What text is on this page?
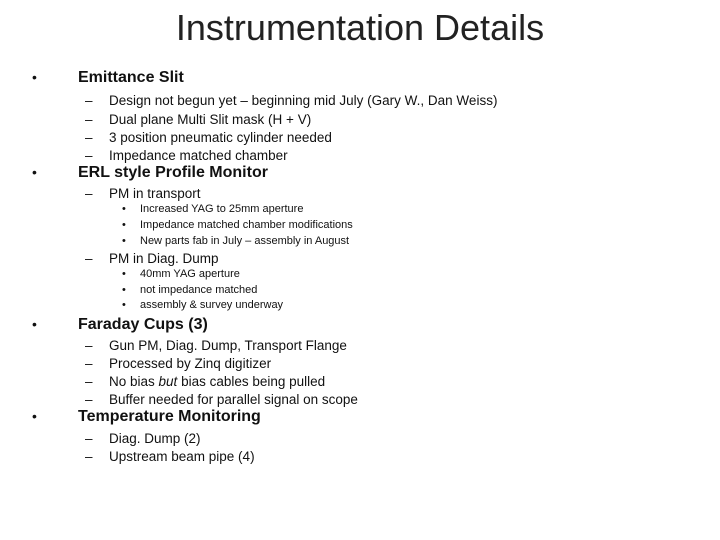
Instrumentation Details
•	Emittance Slit
– Design not begun yet – beginning mid July (Gary W., Dan Weiss)
– Dual plane Multi Slit mask (H + V)
– 3 position pneumatic cylinder needed
– Impedance matched chamber
•	ERL style Profile Monitor
– PM in transport
• Increased YAG to 25mm aperture
• Impedance matched chamber modifications
• New parts fab in July – assembly in August
– PM in Diag. Dump
• 40mm YAG aperture
• not impedance matched
• assembly & survey underway
•	Faraday Cups (3)
– Gun PM, Diag. Dump, Transport Flange
– Processed by Zinq digitizer
– No bias but bias cables being pulled
– Buffer needed for parallel signal on scope
•	Temperature Monitoring
– Diag. Dump (2)
– Upstream beam pipe (4)
